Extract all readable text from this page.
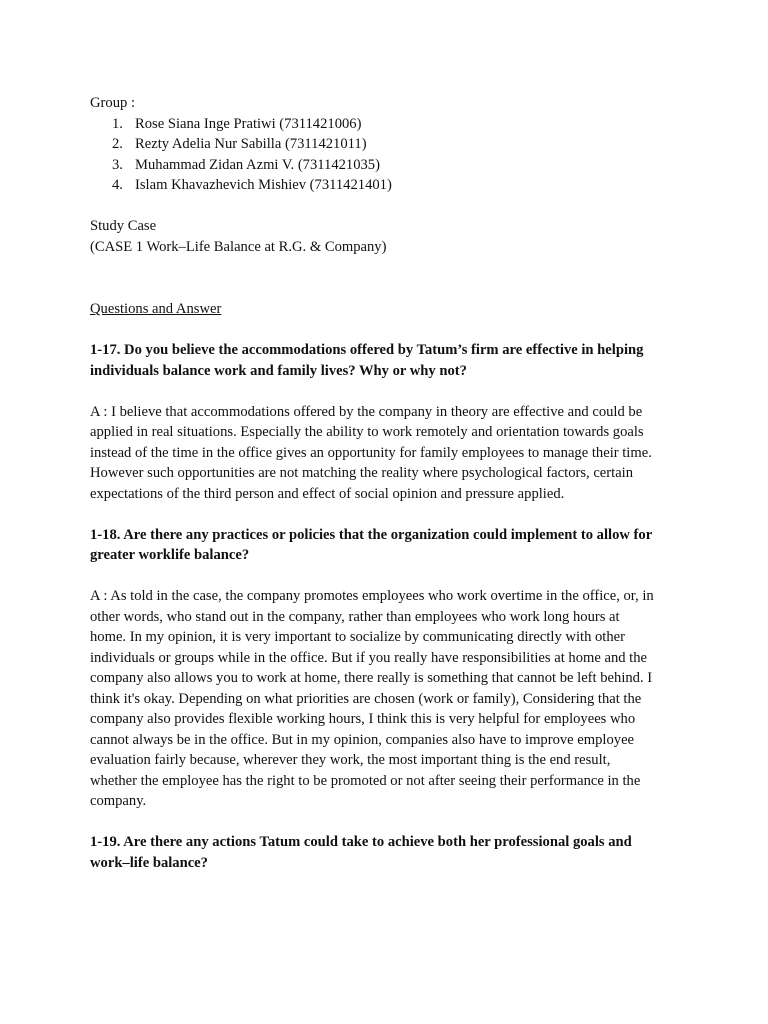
Group :

1. Rose Siana Inge Pratiwi (7311421006)
2. Rezty Adelia Nur Sabilla (7311421011)
3. Muhammad Zidan Azmi V. (7311421035)
4. Islam Khavazhevich Mishiev (7311421401)

Study Case

(CASE 1 Work–Life Balance at R.G. & Company)

Questions and Answer

1-17. Do you believe the accommodations offered by Tatum’s firm are effective in helping

individuals balance work and family lives? Why or why not?

A : I believe that accommodations offered by the company in theory are effective and could be

applied in real situations. Especially the ability to work remotely and orientation towards goals

instead of the time in the office gives an opportunity for family employees to manage their time.

However such opportunities are not matching the reality where psychological factors, certain

expectations of the third person and effect of social opinion and pressure applied.

1-18. Are there any practices or policies that the organization could implement to allow for

greater worklife balance?

A : As told in the case, the company promotes employees who work overtime in the office, or, in

other words, who stand out in the company, rather than employees who work long hours at

home. In my opinion, it is very important to socialize by communicating directly with other

individuals or groups while in the office. But if you really have responsibilities at home and the

company also allows you to work at home, there really is something that cannot be left behind. I

think it's okay. Depending on what priorities are chosen (work or family), Considering that the

company also provides flexible working hours, I think this is very helpful for employees who

cannot always be in the office. But in my opinion, companies also have to improve employee

evaluation fairly because, wherever they work, the most important thing is the end result,

whether the employee has the right to be promoted or not after seeing their performance in the

company.

1-19. Are there any actions Tatum could take to achieve both her professional goals and

work–life balance?
